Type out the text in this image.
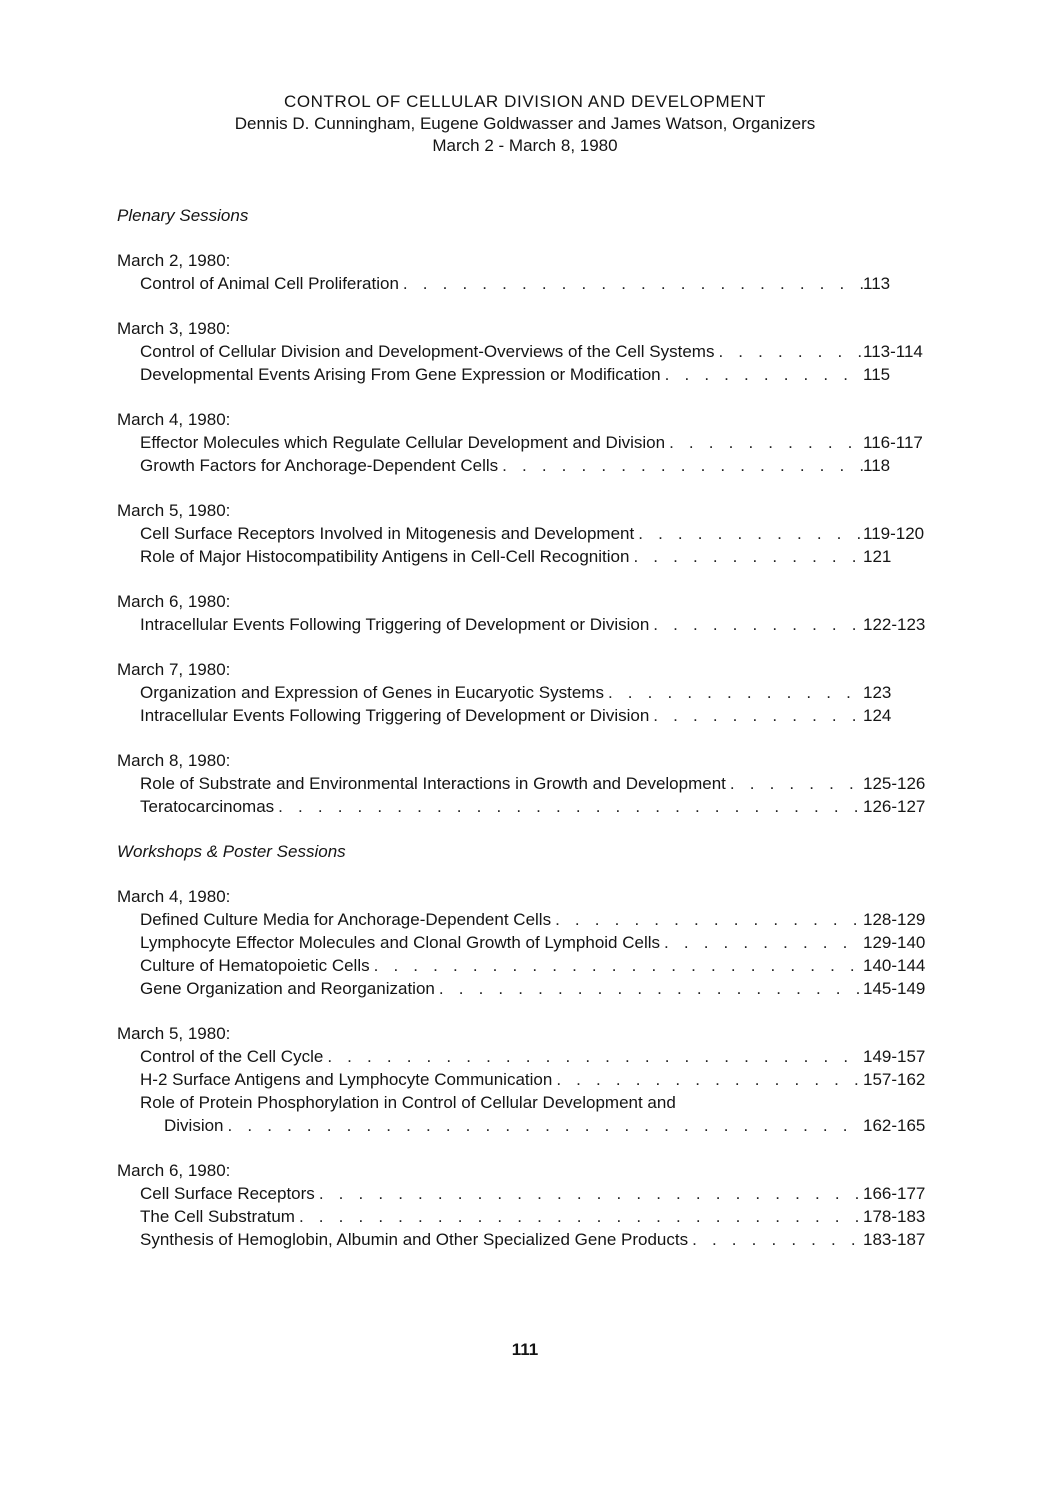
CONTROL OF CELLULAR DIVISION AND DEVELOPMENT
Dennis D. Cunningham, Eugene Goldwasser and James Watson, Organizers
March 2 - March 8, 1980
Plenary Sessions
March 2, 1980:
Control of Animal Cell Proliferation . . .	113
March 3, 1980:
Control of Cellular Division and Development-Overviews of the Cell Systems . . .	113-114
Developmental Events Arising From Gene Expression or Modification . . .	115
March 4, 1980:
Effector Molecules which Regulate Cellular Development and Division . . .	116-117
Growth Factors for Anchorage-Dependent Cells . . .	118
March 5, 1980:
Cell Surface Receptors Involved in Mitogenesis and Development . . .	119-120
Role of Major Histocompatibility Antigens in Cell-Cell Recognition . . .	121
March 6, 1980:
Intracellular Events Following Triggering of Development or Division . . .	122-123
March 7, 1980:
Organization and Expression of Genes in Eucaryotic Systems . . .	123
Intracellular Events Following Triggering of Development or Division . . .	124
March 8, 1980:
Role of Substrate and Environmental Interactions in Growth and Development . . .	125-126
Teratocarcinomas . . .	126-127
Workshops & Poster Sessions
March 4, 1980:
Defined Culture Media for Anchorage-Dependent Cells . . .	128-129
Lymphocyte Effector Molecules and Clonal Growth of Lymphoid Cells . . .	129-140
Culture of Hematopoietic Cells . . .	140-144
Gene Organization and Reorganization . . .	145-149
March 5, 1980:
Control of the Cell Cycle . . .	149-157
H-2 Surface Antigens and Lymphocyte Communication . . .	157-162
Role of Protein Phosphorylation in Control of Cellular Development and
Division . . .	162-165
March 6, 1980:
Cell Surface Receptors . . .	166-177
The Cell Substratum . . .	178-183
Synthesis of Hemoglobin, Albumin and Other Specialized Gene Products . . .	183-187
111
